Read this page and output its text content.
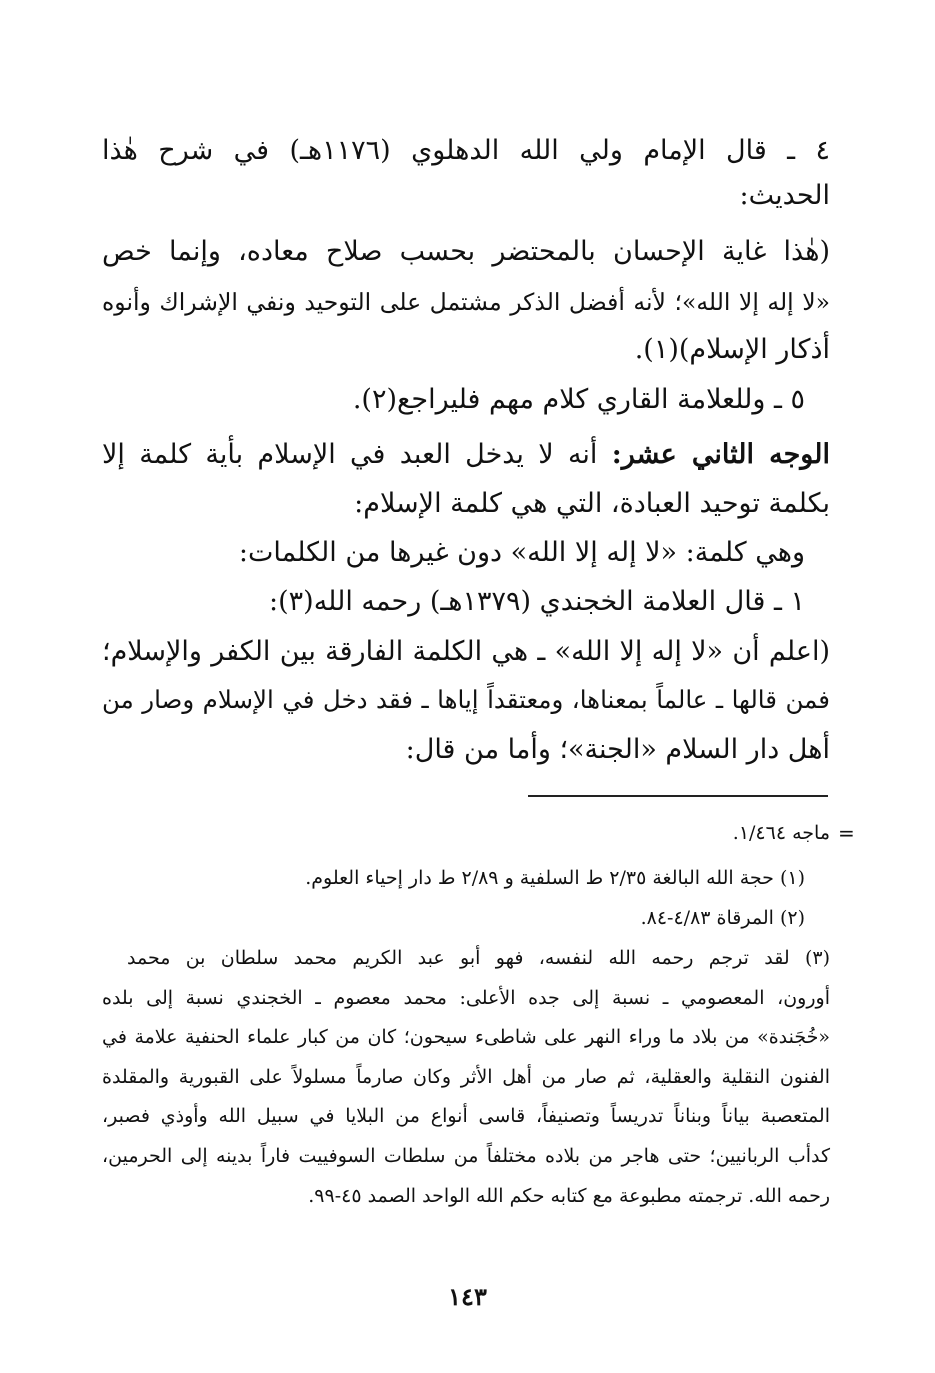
٤ ـ قال الإمام ولي الله الدهلوي (١١٧٦هـ) في شرح هٰذا

الحديث:

(هٰذا غاية الإحسان بالمحتضر بحسب صلاح معاده، وإنما خص

«لا إله إلا الله»؛ لأنه أفضل الذكر مشتمل على التوحيد ونفي الإشراك وأنوه

أذكار الإسلام)(١).

٥ ـ وللعلامة القاري كلام مهم فليراجع(٢).

الوجه الثاني عشر: أنه لا يدخل العبد في الإسلام بأية كلمة إلا

بكلمة توحيد العبادة، التي هي كلمة الإسلام:

وهي كلمة: «لا إله إلا الله» دون غيرها من الكلمات:

١ ـ قال العلامة الخجندي (١٣٧٩هـ) رحمه الله(٣):

(اعلم أن «لا إله إلا الله» ـ هي الكلمة الفارقة بين الكفر والإسلام؛

فمن قالها ـ عالماً بمعناها، ومعتقداً إياها ـ فقد دخل في الإسلام وصار من

أهل دار السلام «الجنة»؛ وأما من قال:

=

ماجه ١/٤٦٤.

(١) حجة الله البالغة ٢/٣٥ ط السلفية و ٢/٨٩ ط دار إحياء العلوم.

(٢) المرقاة ٤/٨٣-٨٤.

(٣) لقد ترجم رحمه الله لنفسه، فهو أبو عبد الكريم محمد سلطان بن محمد

أورون، المعصومي ـ نسبة إلى جده الأعلى: محمد معصوم ـ الخجندي نسبة إلى بلده

«خُجَندة» من بلاد ما وراء النهر على شاطىء سيحون؛ كان من كبار علماء الحنفية علامة في

الفنون النقلية والعقلية، ثم صار من أهل الأثر وكان صارماً مسلولاً على القبورية والمقلدة

المتعصبة بياناً وبناناً تدريساً وتصنيفاً، قاسى أنواع من البلايا في سبيل الله وأوذي فصبر،

كدأب الربانيين؛ حتى هاجر من بلاده مختلفاً من سلطات السوفييت فاراً بدينه إلى الحرمين،

رحمه الله. ترجمته مطبوعة مع كتابه حكم الله الواحد الصمد ٤٥-٩٩.

١٤٣
